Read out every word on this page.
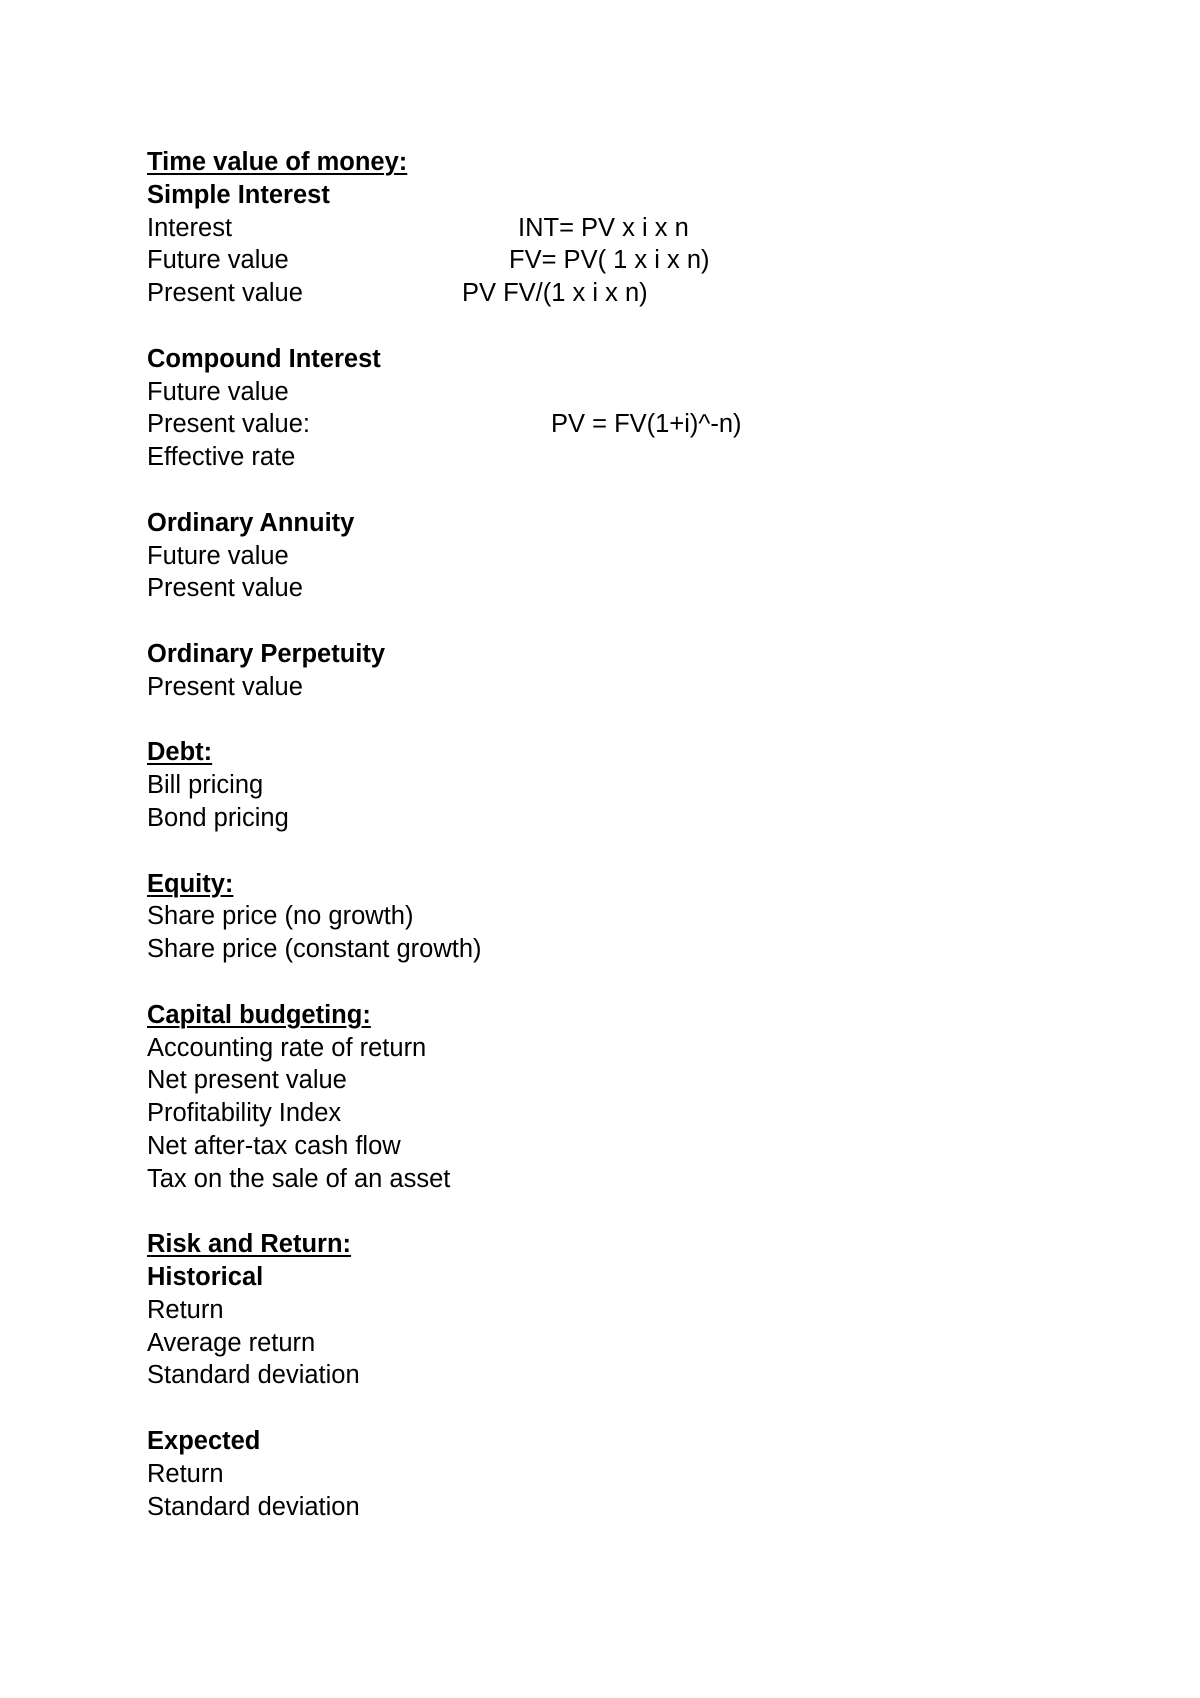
Time value of money:
Simple Interest
Interest	INT= PV x i x n
Future value	FV= PV( 1 x i x n)
Present value	PV FV/(1 x i x n)
Compound Interest
Future value
Present value:	PV = FV(1+i)^-n)
Effective rate
Ordinary Annuity
Future value
Present value
Ordinary Perpetuity
Present value
Debt:
Bill pricing
Bond pricing
Equity:
Share price (no growth)
Share price (constant growth)
Capital budgeting:
Accounting rate of return
Net present value
Profitability Index
Net after-tax cash flow
Tax on the sale of an asset
Risk and Return:
Historical
Return
Average return
Standard deviation
Expected
Return
Standard deviation
